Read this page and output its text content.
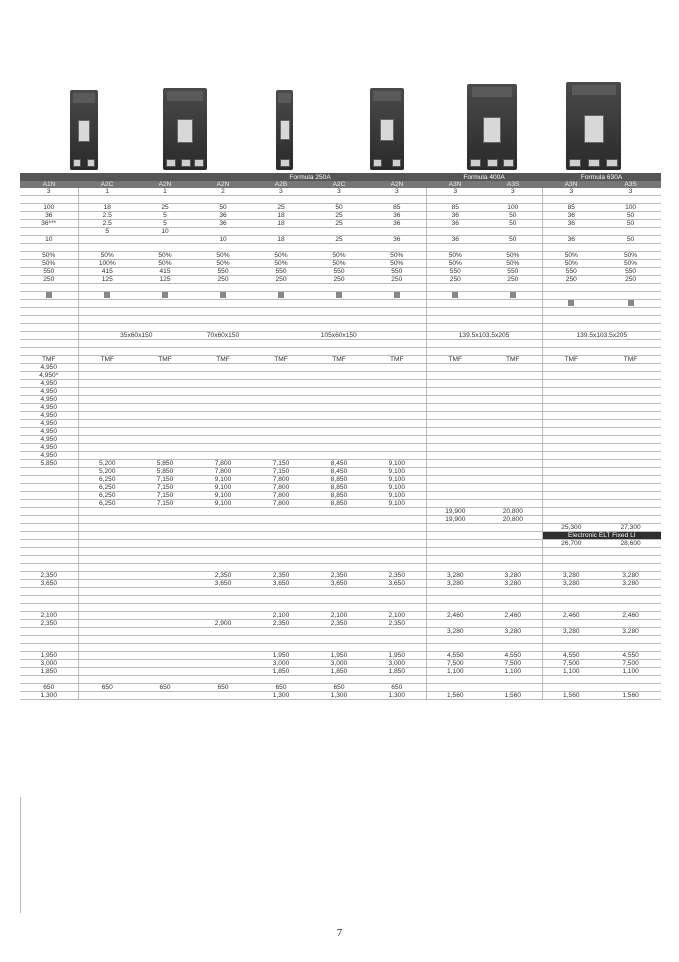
			Formula 250A				Formula 400A		Formula 630A	
A1N	A2C	A2N	A2N	A2B	A2C	A2N	A3N	A3S	A3N	A3S
3	1	1	2	3	3	3	3	3	3	3

100	18	25	50	25	50	85	85	100	85	100
36	2.5	5	36	18	25	36	36	50	36	50
36***	2.5	5	36	18	25	36	36	50	36	50
	5	10								
10			10	18	25	36	36	50	36	50

50%	50%	50%	50%	50%	50%	50%	50%	50%	50%	50%
50%	100%	50%	50%	50%	50%	50%	50%	50%	50%	50%
550	415	415	550	550	550	550	550	550	550	550
250	125	125	250	250	250	250	250	250	250	250

	35x60x150		70x60x150	105x60x150			139.5x103.5x205		139.5x103.5x205	

TMF	TMF	TMF	TMF	TMF	TMF	TMF	TMF	TMF	TMF	TMF
4,950										
4,950*										
4,950										
4,950										
4,950										
4,950										
4,950										
4,950										
4,950										
4,950										
4,950										
4,950										
5,850	5,200	5,850	7,800	7,150	8,450	9,100				
	5,200	5,850	7,800	7,150	8,450	9,100				
	6,250	7,150	9,100	7,800	8,850	9,100				
	6,250	7,150	9,100	7,800	8,850	9,100				
	6,250	7,150	9,100	7,800	8,850	9,100				
	6,250	7,150	9,100	7,800	8,850	9,100				
							19,900	20,800		
							19,900	20,800		
									25,300	27,300
									Electronic ELT Fixed LI	
									26,700	28,600

2,350			2,350	2,350	2,350	2,350	3,280	3,280	3,280	3,280
3,650			3,650	3,650	3,650	3,650	3,280	3,280	3,280	3,280

2,100				2,100	2,100	2,100	2,460	2,460	2,460	2,460
2,350			2,900	2,350	2,350	2,350				
							3,280	3,280	3,280	3,280

1,950				1,950	1,950	1,950	4,550	4,550	4,550	4,550
3,000				3,000	3,000	3,000	7,500	7,500	7,500	7,500
1,850				1,850	1,850	1,850	1,100	1,100	1,100	1,100

650	650	650	650	650	650	650				
1,300				1,300	1,300	1,300	1,560	1,560	1,560	1,560
7
